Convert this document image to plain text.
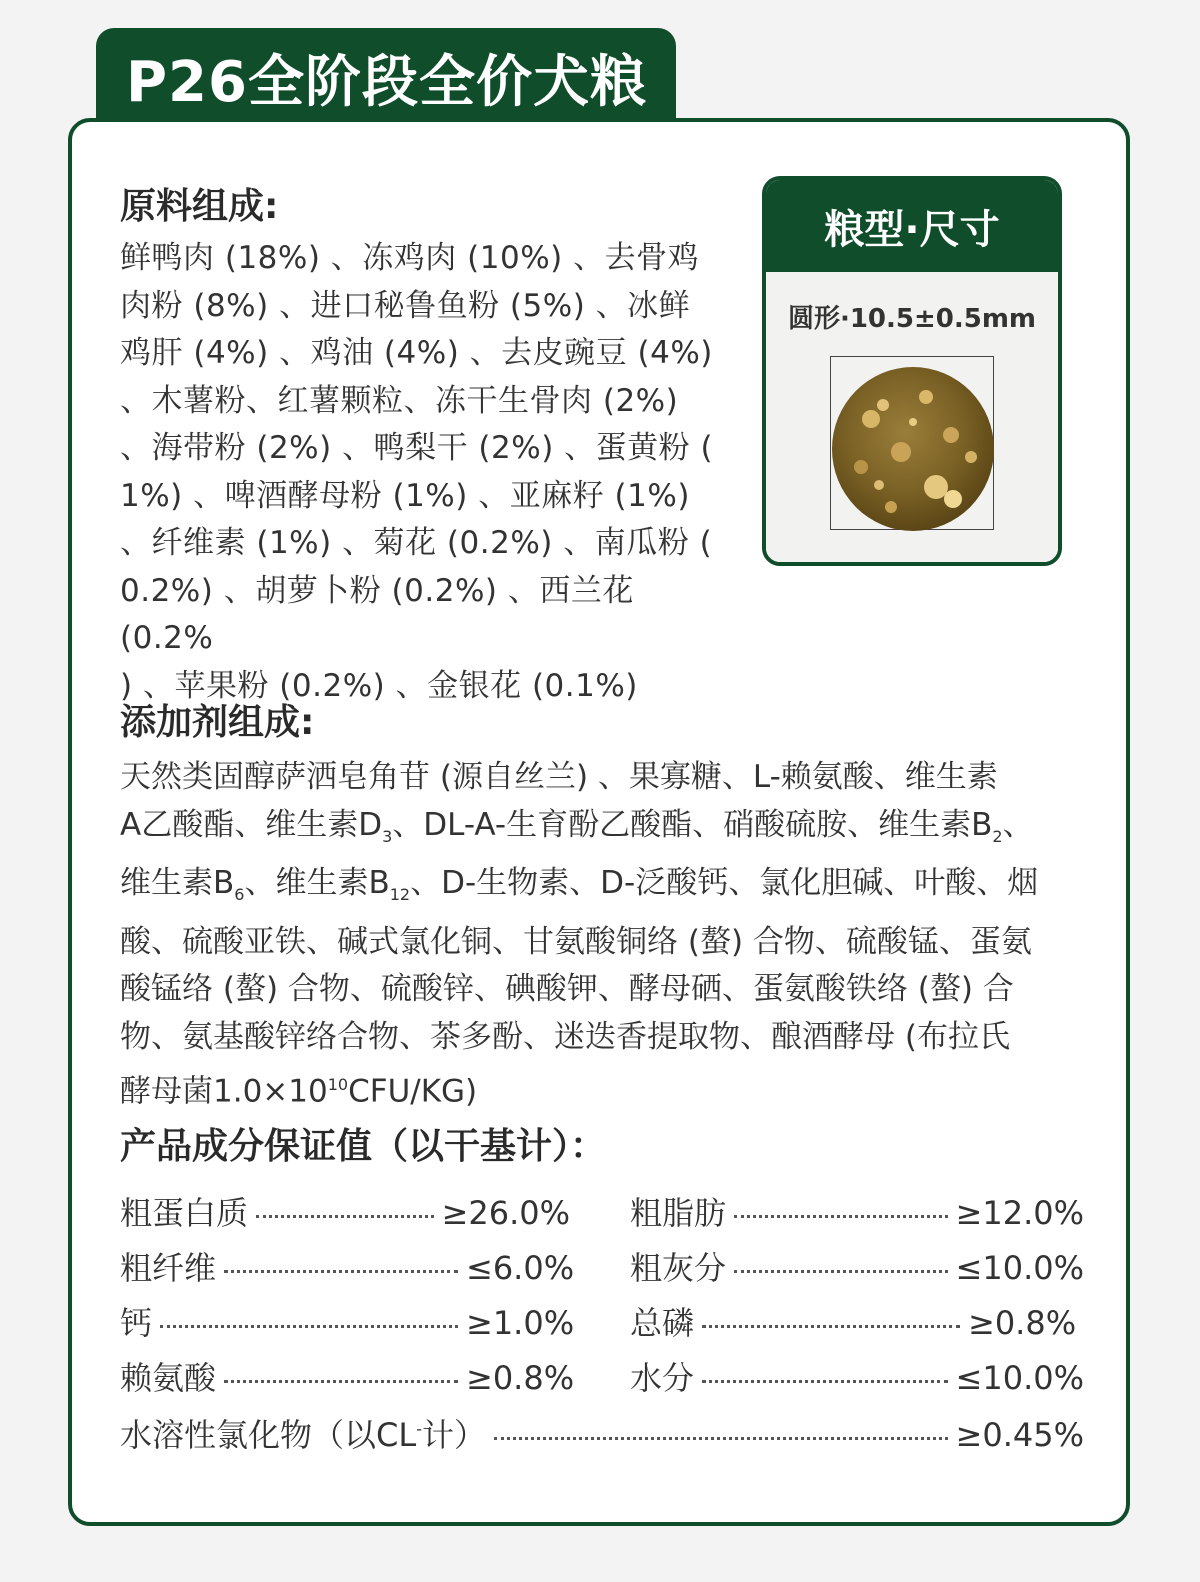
P26全阶段全价犬粮
原料组成:
鲜鸭肉 (18%) 、冻鸡肉 (10%) 、去骨鸡
肉粉 (8%) 、进口秘鲁鱼粉 (5%) 、冰鲜
鸡肝 (4%) 、鸡油 (4%) 、去皮豌豆 (4%)
、木薯粉、红薯颗粒、冻干生骨肉 (2%)
、海带粉 (2%) 、鸭梨干 (2%) 、蛋黄粉 (
1%) 、啤酒酵母粉 (1%) 、亚麻籽 (1%)
、纤维素 (1%) 、菊花 (0.2%) 、南瓜粉 (
0.2%) 、胡萝卜粉 (0.2%) 、西兰花 (0.2%
) 、苹果粉 (0.2%) 、金银花 (0.1%)
粮型·尺寸
圆形·10.5±0.5mm
添加剂组成:
天然类固醇萨洒皂角苷 (源自丝兰) 、果寡糖、L-赖氨酸、维生素
A乙酸酯、维生素$D_3$、DL-A-生育酚乙酸酯、硝酸硫胺、维生素$B_2$、
维生素$B_6$、维生素$B_{12}$、D-生物素、D-泛酸钙、氯化胆碱、叶酸、烟
酸、硫酸亚铁、碱式氯化铜、甘氨酸铜络 (螯) 合物、硫酸锰、蛋氨
酸锰络 (螯) 合物、硫酸锌、碘酸钾、酵母硒、蛋氨酸铁络 (螯) 合
物、氨基酸锌络合物、茶多酚、迷迭香提取物、酿酒酵母 (布拉氏
酵母菌$1.0\times 10^{10}CFU/KG$)
产品成分保证值（以干基计）：
粗蛋白质	≥26.0% 粗脂肪	≥12.0%
粗纤维	≤6.0% 粗灰分	≤10.0%
钙	≥1.0% 总磷	≥0.8%
赖氨酸	≥0.8% 水分	≤10.0%
水溶性氯化物（以CL-计）	≥0.45%
